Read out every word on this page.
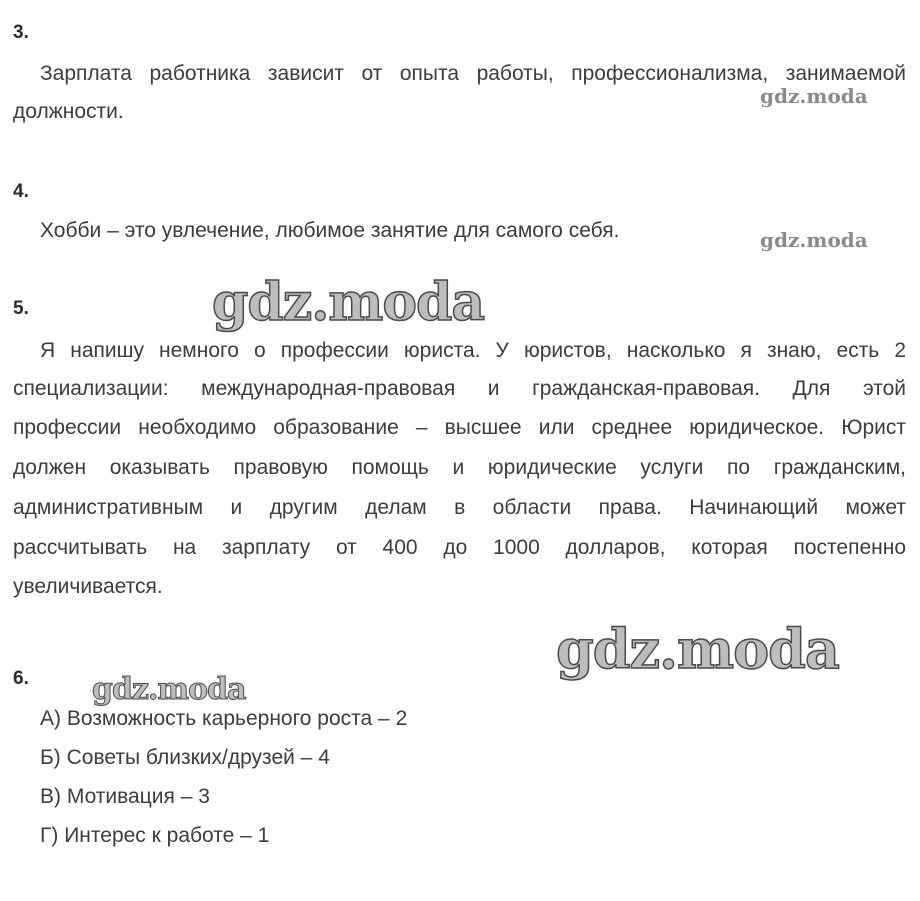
3.
Зарплата работника зависит от опыта работы, профессионализма, занимаемой
должности.
gdz.moda
4.
Хобби – это увлечение, любимое занятие для самого себя.	gdz.moda
5.	gdz.moda
Я напишу немного о профессии юриста. У юристов, насколько я знаю, есть 2
специализации: международная-правовая и гражданская-правовая. Для этой
профессии необходимо образование – высшее или среднее юридическое. Юрист
должен оказывать правовую помощь и юридические услуги по гражданским,
административным и другим делам в области права. Начинающий может
рассчитывать на зарплату от 400 до 1000 долларов, которая постепенно
увеличивается.
gdz.moda
6. gdz.moda
А) Возможность карьерного роста – 2
Б) Советы близких/друзей – 4
В) Мотивация – 3
Г) Интерес к работе – 1
